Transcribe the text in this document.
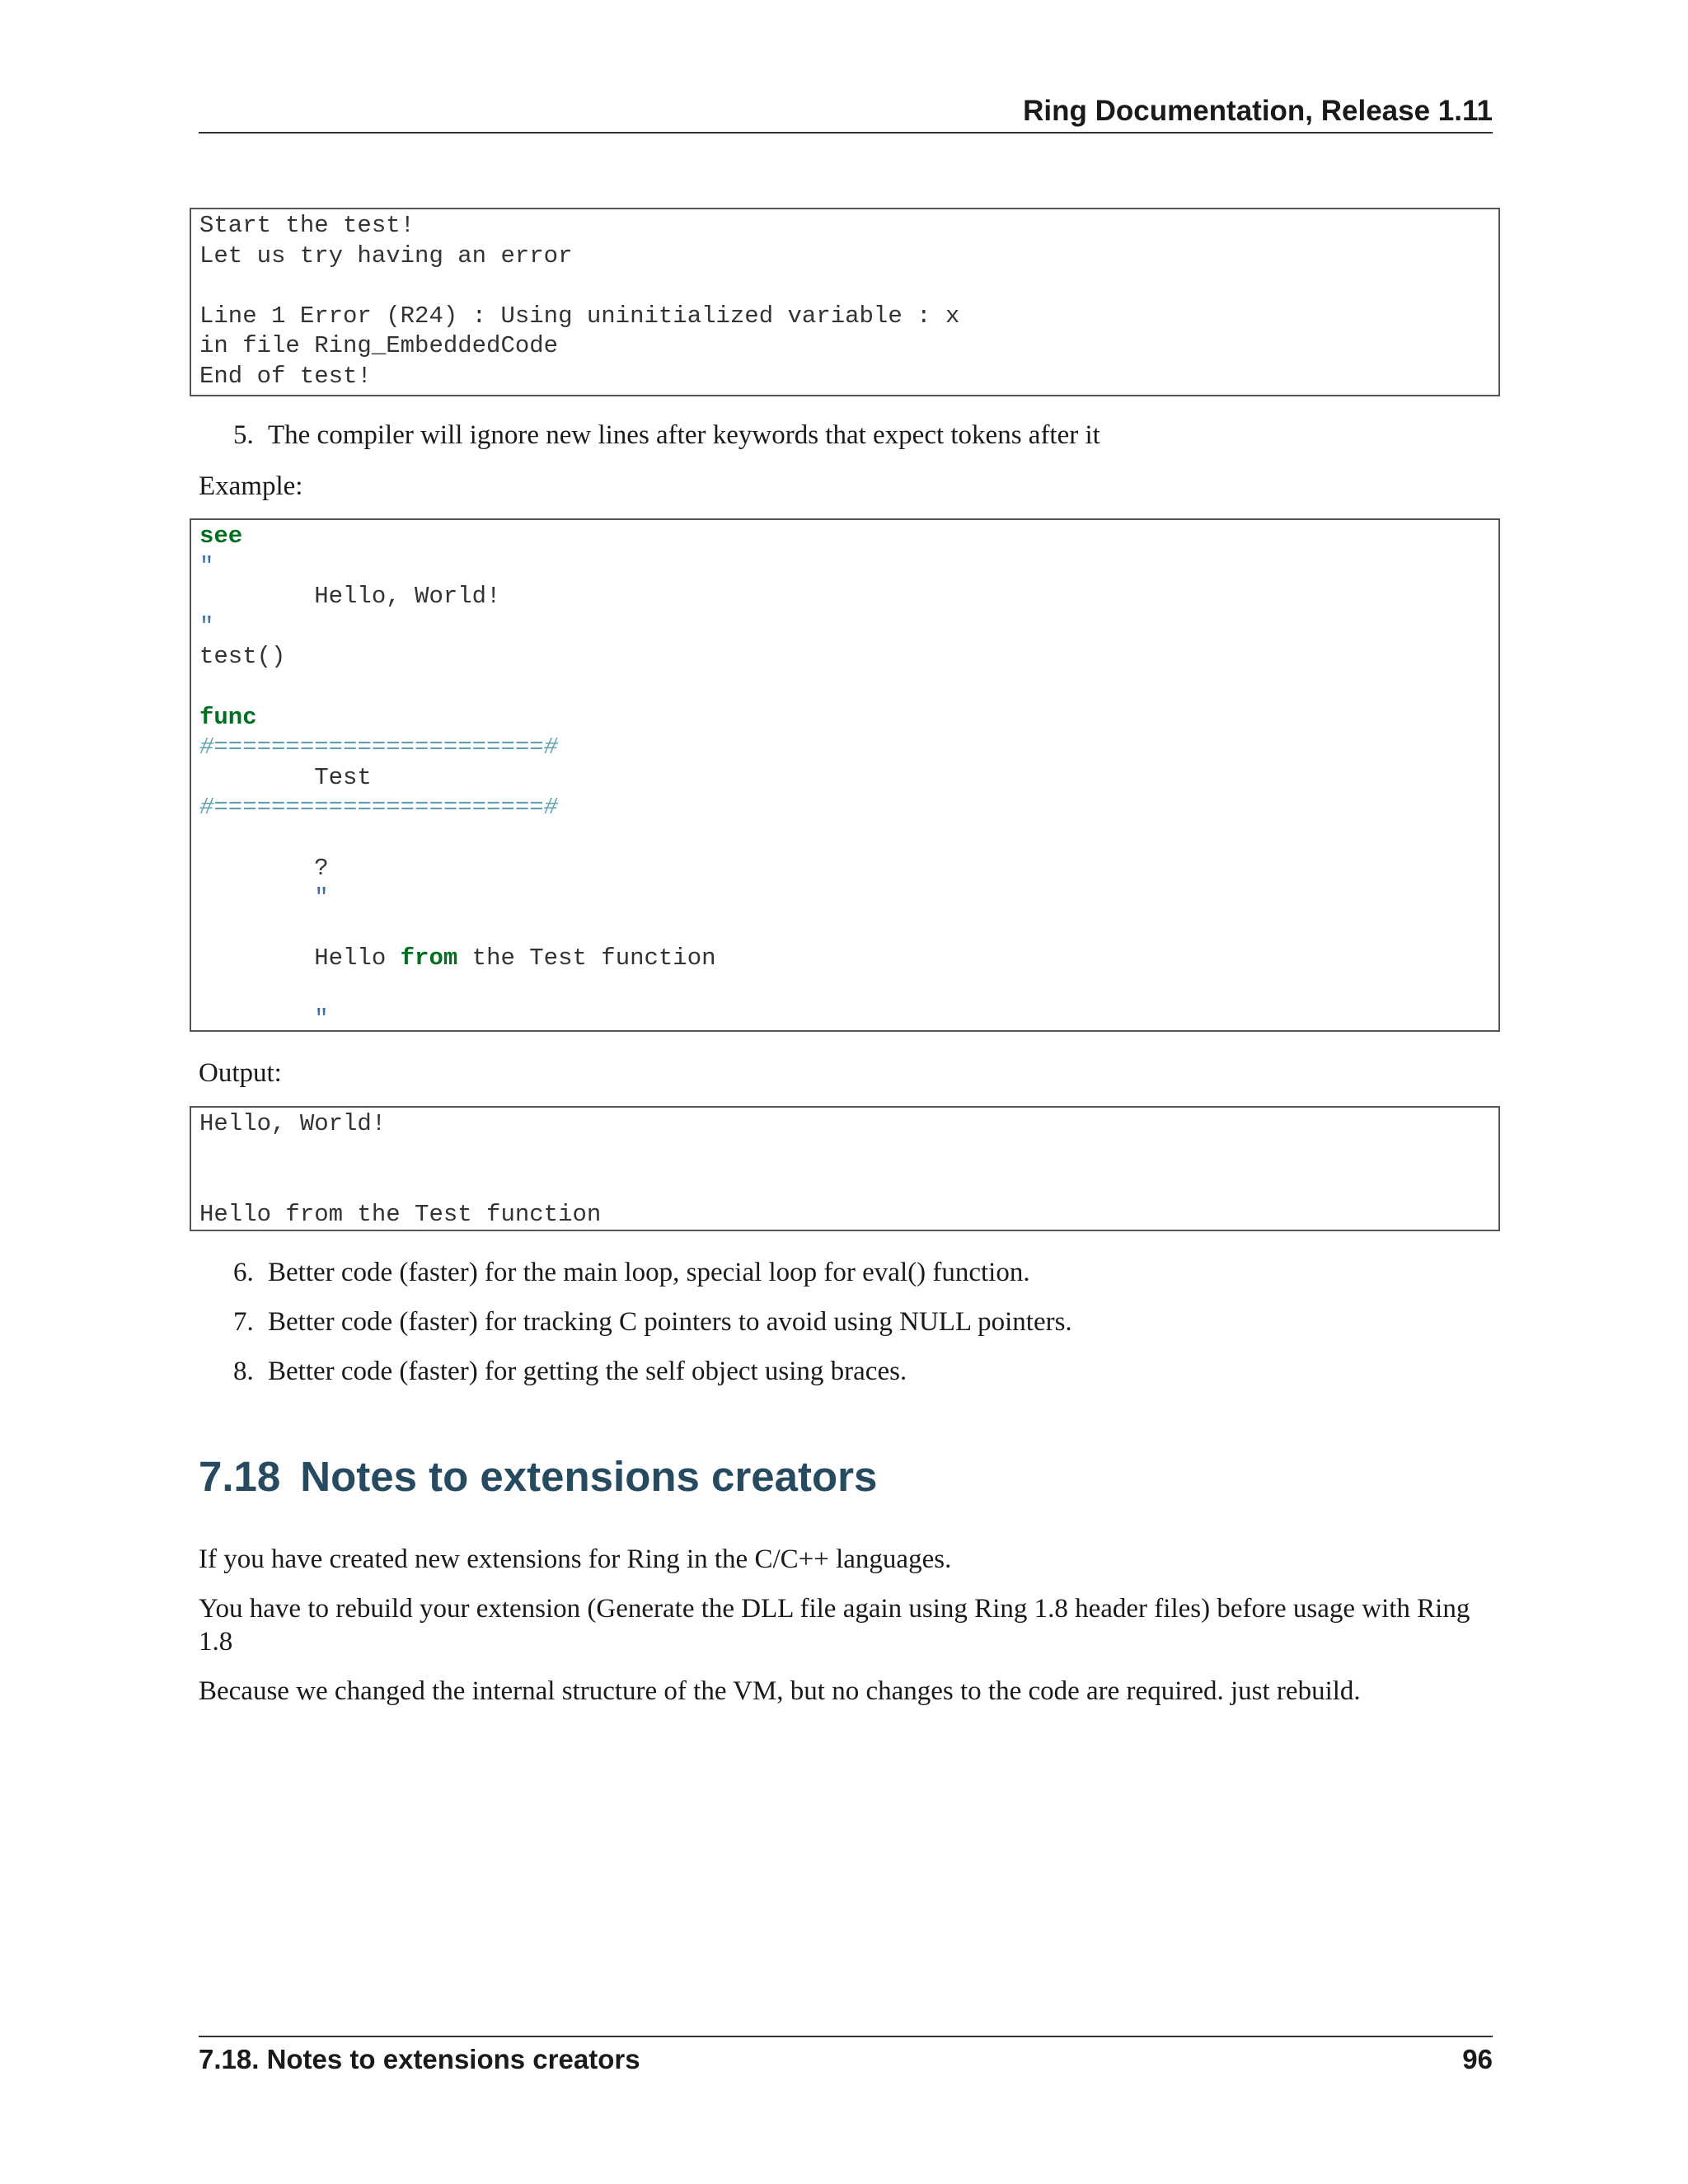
Ring Documentation, Release 1.11
Start the test!
Let us try having an error
Line 1 Error (R24) : Using uninitialized variable : x
in file Ring_EmbeddedCode
End of test!
5. The compiler will ignore new lines after keywords that expect tokens after it
Example:
see
"
Hello, World!
"
test()
func
#=======================#
Test
#=======================#
?
"
Hello from the Test function
"
Output:
Hello, World!
Hello from the Test function
6. Better code (faster) for the main loop, special loop for eval() function.
7. Better code (faster) for tracking C pointers to avoid using NULL pointers.
8. Better code (faster) for getting the self object using braces.
7.18 Notes to extensions creators
If you have created new extensions for Ring in the C/C++ languages.
You have to rebuild your extension (Generate the DLL file again using Ring 1.8 header files) before usage with Ring 1.8
Because we changed the internal structure of the VM, but no changes to the code are required. just rebuild.
7.18. Notes to extensions creators	96
